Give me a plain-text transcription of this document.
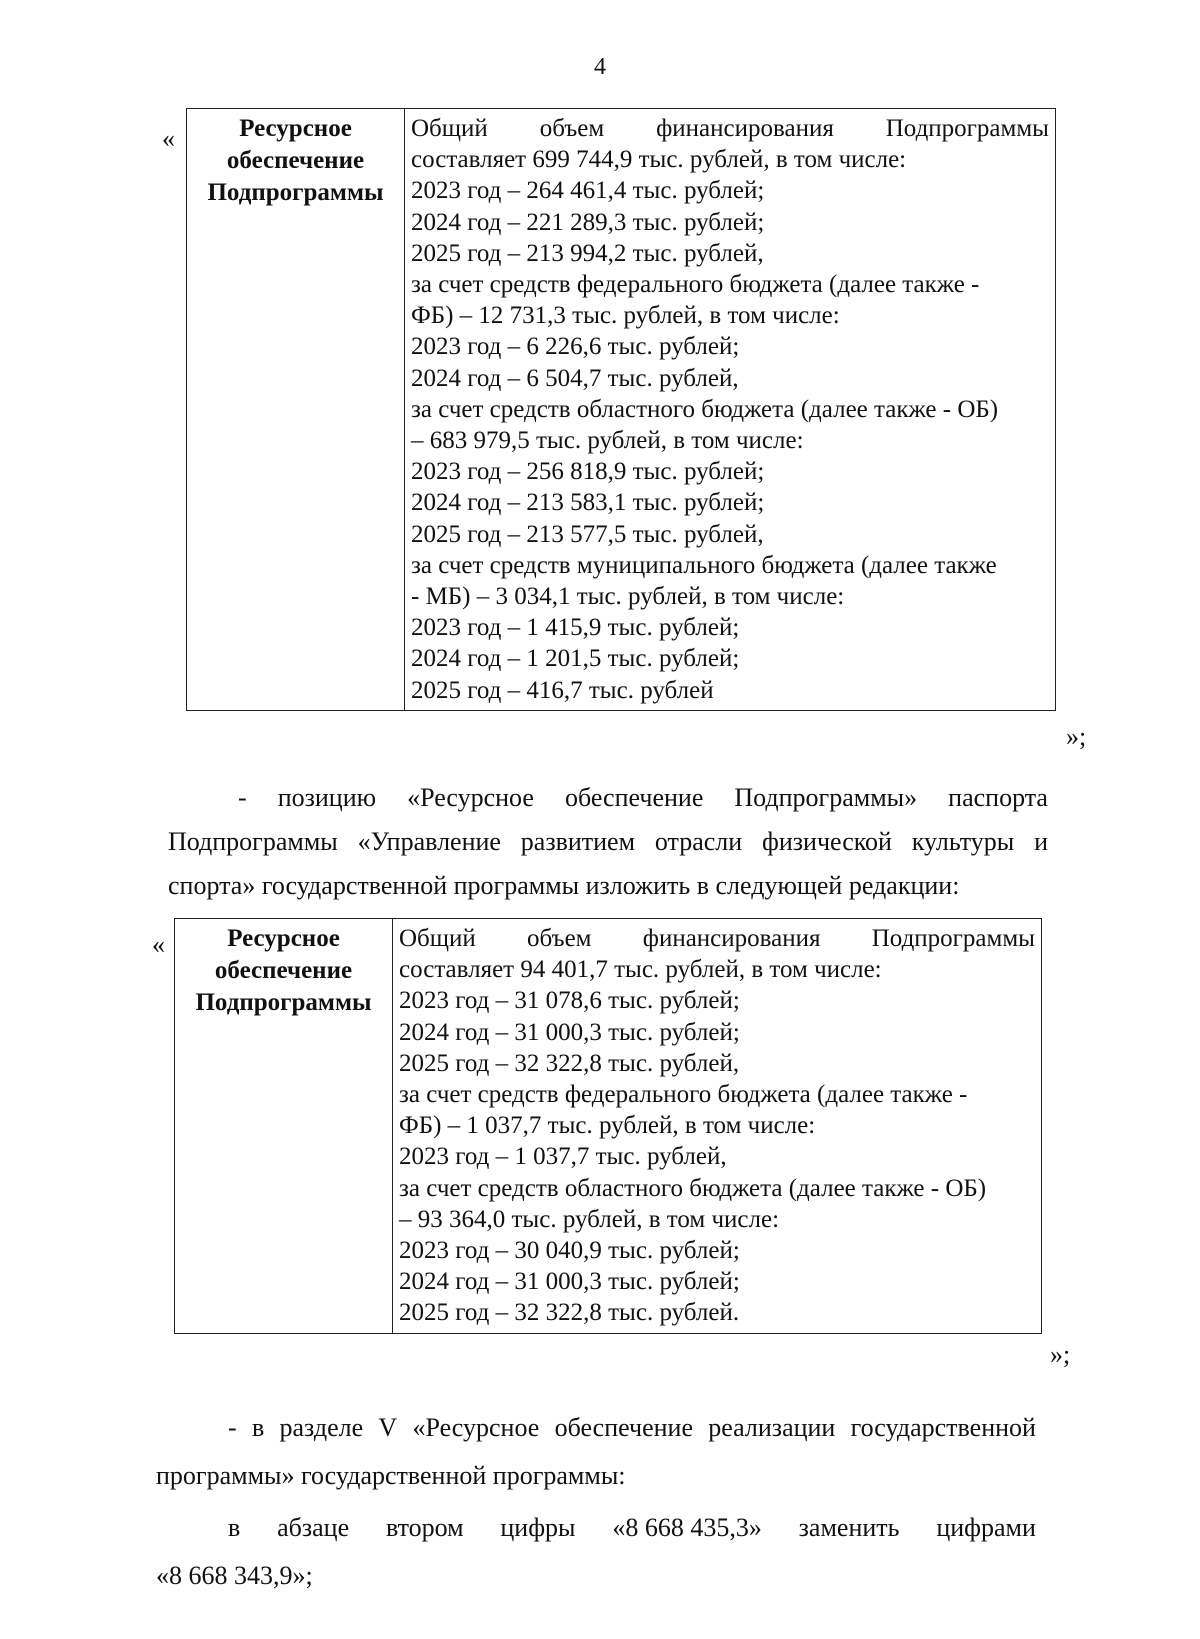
4
«	Ресурсное
обеспечение
Подпрограммы

Общий объем финансирования Подпрограммы
составляет 699 744,9 тыс. рублей, в том числе:
2023 год – 264 461,4 тыс. рублей;
2024 год – 221 289,3 тыс. рублей;
2025 год – 213 994,2 тыс. рублей,
за счет средств федерального бюджета (далее также -
ФБ) – 12 731,3 тыс. рублей, в том числе:
2023 год – 6 226,6 тыс. рублей;
2024 год – 6 504,7 тыс. рублей,
за счет средств областного бюджета (далее также - ОБ)
– 683 979,5 тыс. рублей, в том числе:
2023 год – 256 818,9 тыс. рублей;
2024 год – 213 583,1 тыс. рублей;
2025 год – 213 577,5 тыс. рублей,
за счет средств муниципального бюджета (далее также
- МБ) – 3 034,1 тыс. рублей, в том числе:
2023 год – 1 415,9 тыс. рублей;
2024 год – 1 201,5 тыс. рублей;
2025 год – 416,7 тыс. рублей
»;
- позицию «Ресурсное обеспечение Подпрограммы» паспорта
Подпрограммы «Управление развитием отрасли физической культуры и
спорта» государственной программы изложить в следующей редакции:
«	Ресурсное
обеспечение
Подпрограммы

Общий объем финансирования Подпрограммы
составляет 94 401,7 тыс. рублей, в том числе:
2023 год – 31 078,6 тыс. рублей;
2024 год – 31 000,3 тыс. рублей;
2025 год – 32 322,8 тыс. рублей,
за счет средств федерального бюджета (далее также -
ФБ) – 1 037,7 тыс. рублей, в том числе:
2023 год – 1 037,7 тыс. рублей,
за счет средств областного бюджета (далее также - ОБ)
– 93 364,0 тыс. рублей, в том числе:
2023 год – 30 040,9 тыс. рублей;
2024 год – 31 000,3 тыс. рублей;
2025 год – 32 322,8 тыс. рублей.
»;
- в разделе V «Ресурсное обеспечение реализации государственной
программы» государственной программы:
в абзаце втором цифры «8 668 435,3» заменить цифрами
«8 668 343,9»;
